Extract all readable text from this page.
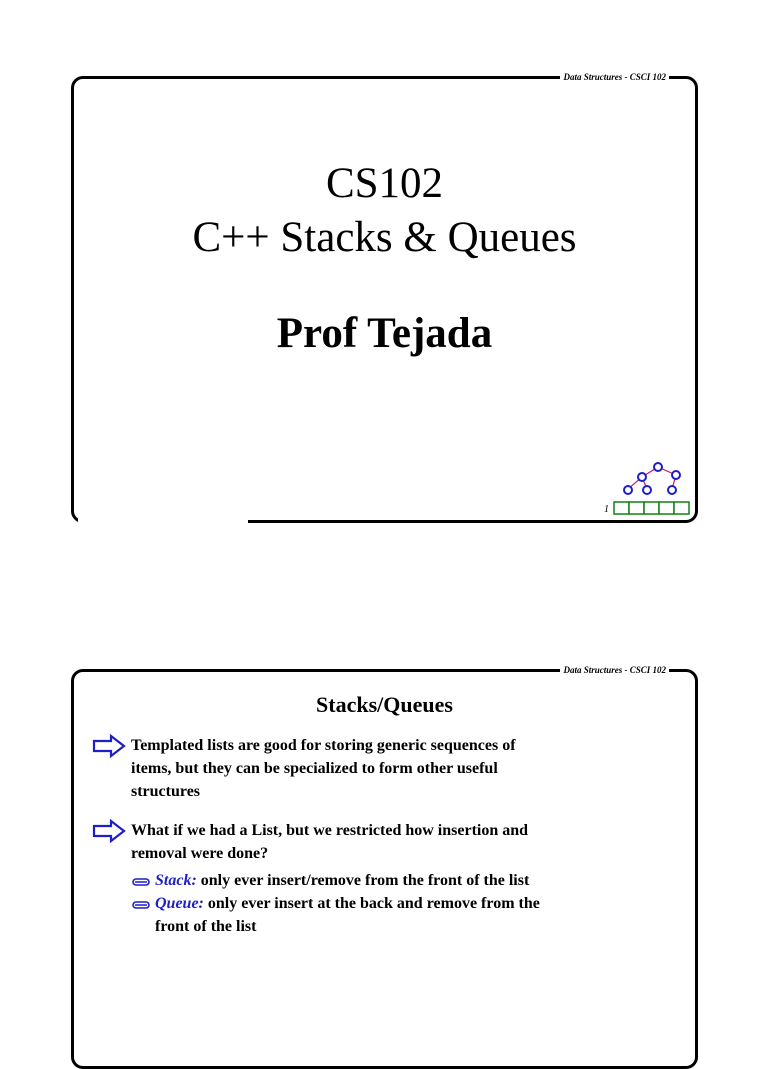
Data Structures - CSCI 102
CS102
C++ Stacks & Queues
Prof Tejada
1
Data Structures - CSCI 102
Stacks/Queues
Templated lists are good for storing generic sequences of
items, but they can be specialized to form other useful
structures
What if we had a List, but we restricted how insertion and
removal were done?
Stack: only ever insert/remove from the front of the list
Queue: only ever insert at the back and remove from the
front of the list
